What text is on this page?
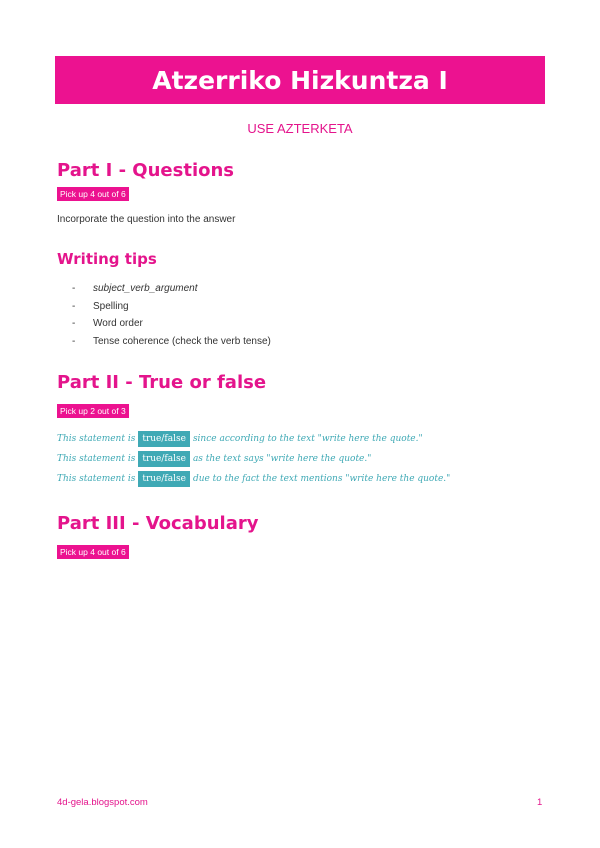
Atzerriko Hizkuntza I
USE AZTERKETA
Part I - Questions
Pick up 4 out of 6
Incorporate the question into the answer
Writing tips
- subject_verb_argument
- Spelling
- Word order
- Tense coherence (check the verb tense)
Part II - True or false
Pick up 2 out of 3
This statement is true/false since according to the text "write here the quote."
This statement is true/false as the text says "write here the quote."
This statement is true/false due to the fact the text mentions "write here the quote."
Part III - Vocabulary
Pick up 4 out of 6
4d-gela.blogspot.com	1
